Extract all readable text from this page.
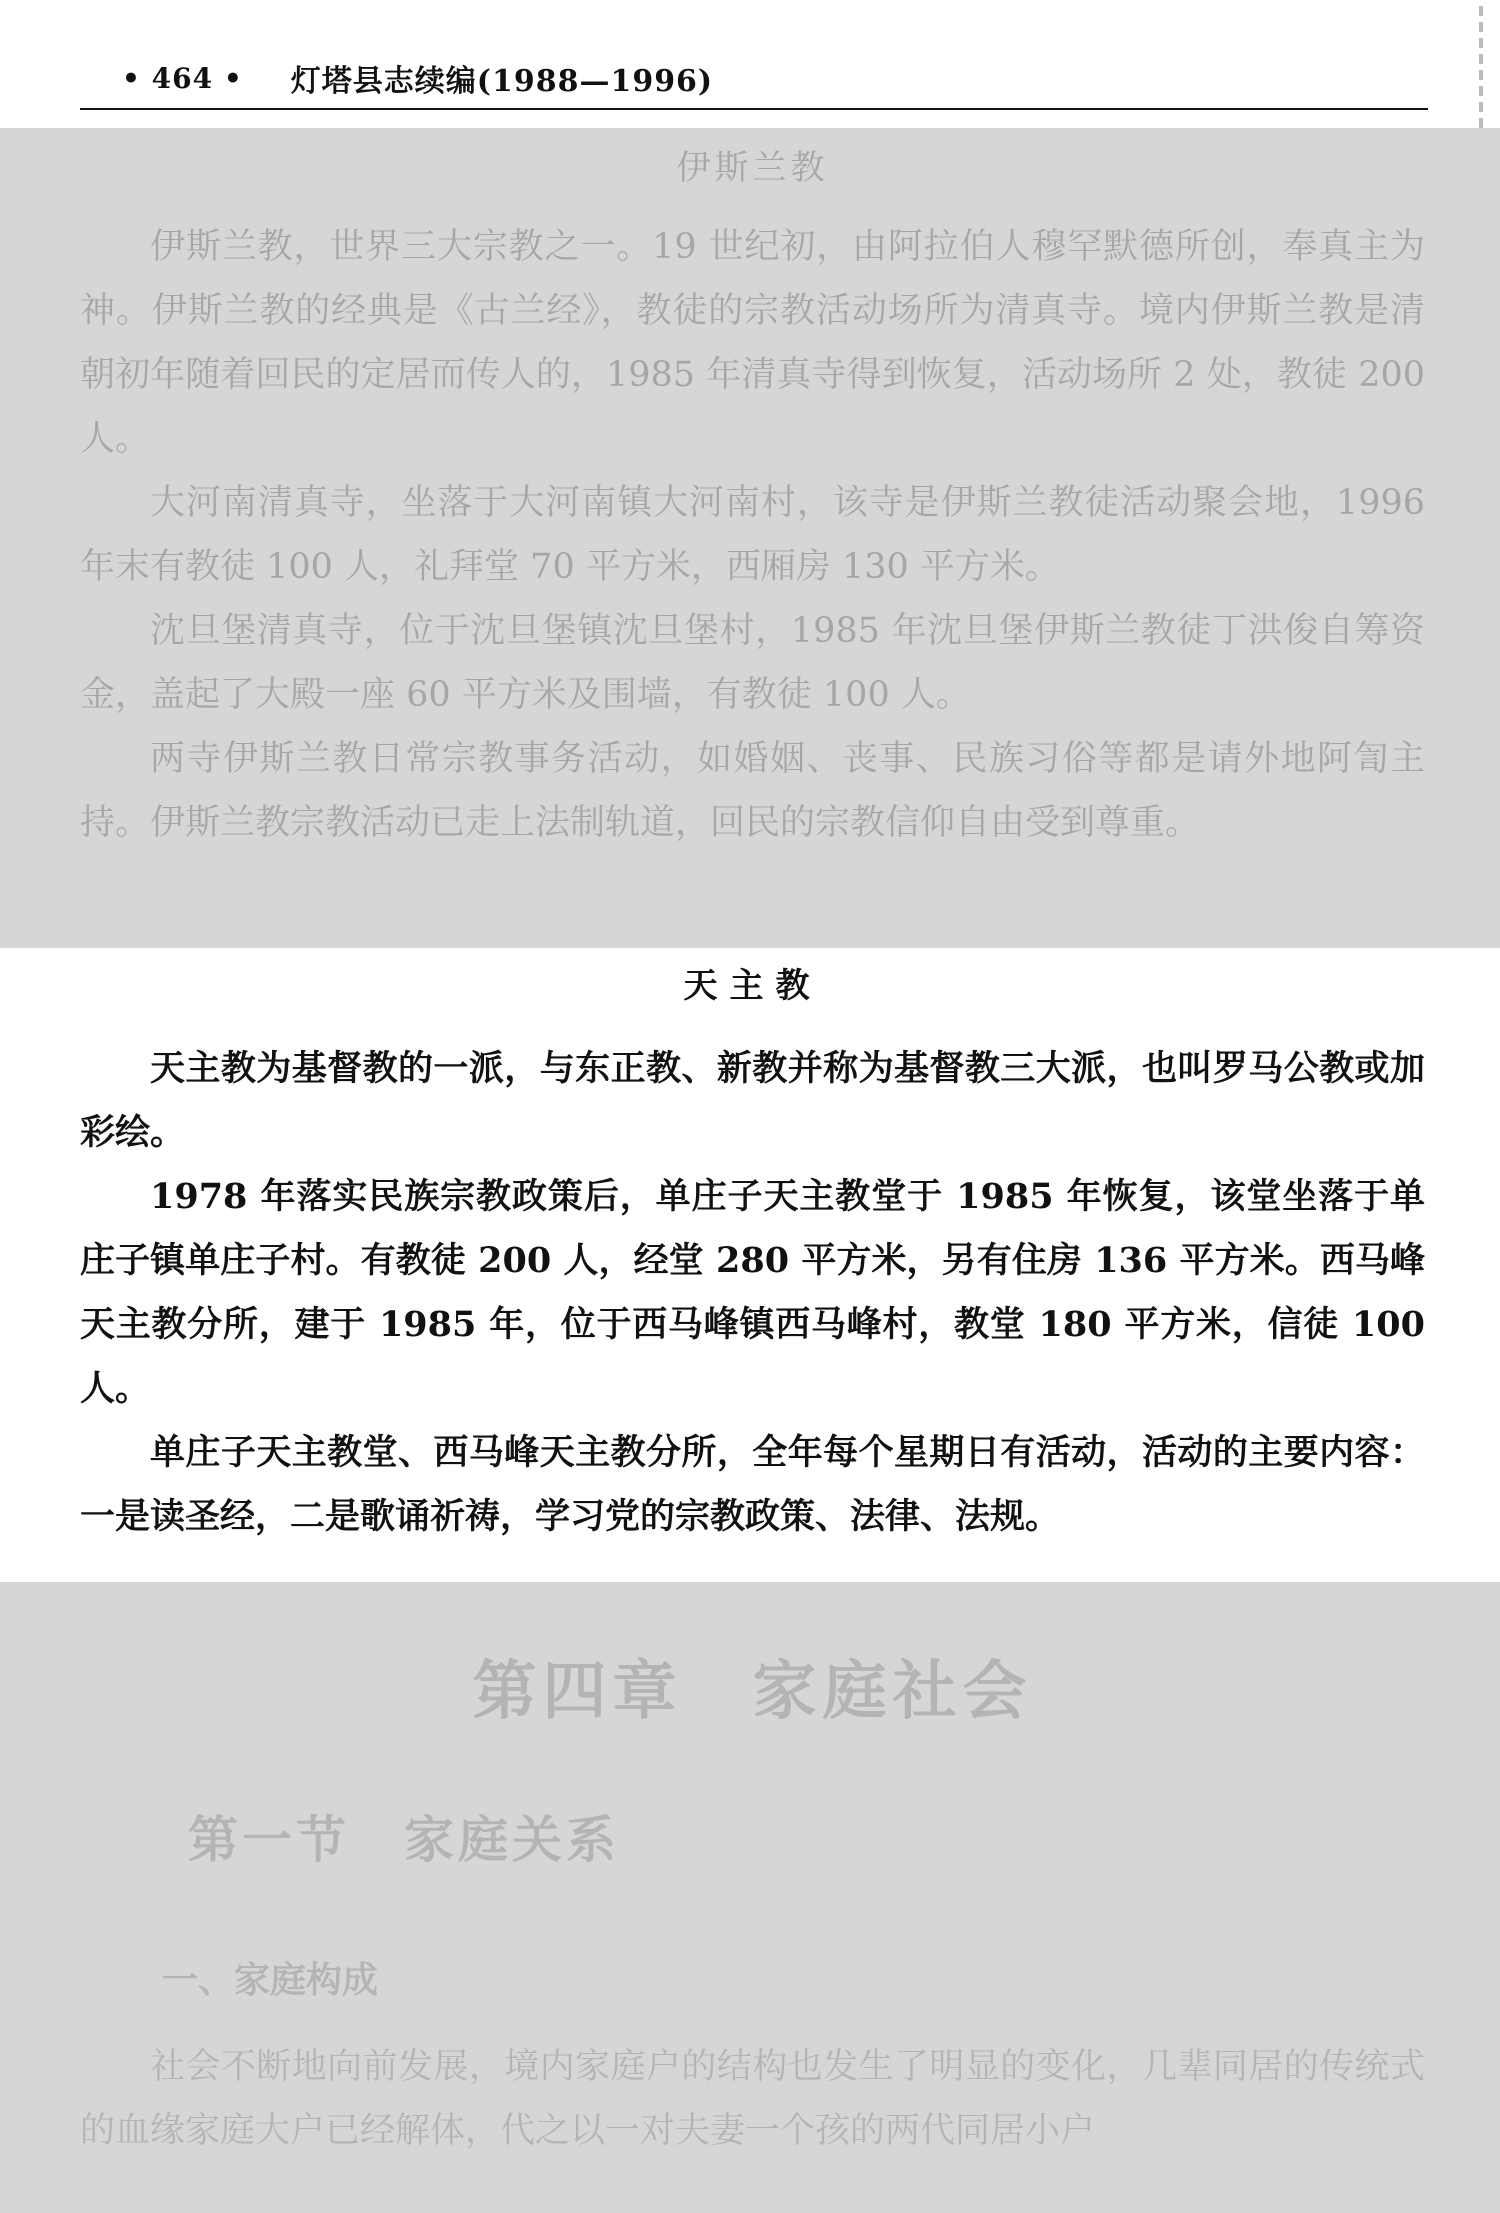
• 464 • 灯塔县志续编(1988—1996)
伊斯兰教

伊斯兰教，世界三大宗教之一。19 世纪初，由阿拉伯人穆罕默德所创，奉真主为神。伊斯兰教的经典是《古兰经》，教徒的宗教活动场所为清真寺。境内伊斯兰教是清朝初年随着回民的定居而传人的，1985 年清真寺得到恢复，活动场所 2 处，教徒 200 人。

大河南清真寺，坐落于大河南镇大河南村，该寺是伊斯兰教徒活动聚会地，1996 年末有教徒 100 人，礼拜堂 70 平方米，西厢房 130 平方米。

沈旦堡清真寺，位于沈旦堡镇沈旦堡村，1985 年沈旦堡伊斯兰教徒丁洪俊自筹资金，盖起了大殿一座 60 平方米及围墙，有教徒 100 人。

两寺伊斯兰教日常宗教事务活动，如婚姻、丧事、民族习俗等都是请外地阿訇主持。伊斯兰教宗教活动已走上法制轨道，回民的宗教信仰自由受到尊重。

天主教

天主教为基督教的一派，与东正教、新教并称为基督教三大派，也叫罗马公教或加彩绘。

1978 年落实民族宗教政策后，单庄子天主教堂于 1985 年恢复，该堂坐落于单庄子镇单庄子村。有教徒 200 人，经堂 280 平方米，另有住房 136 平方米。西马峰天主教分所，建于 1985 年，位于西马峰镇西马峰村，教堂 180 平方米，信徒 100 人。

单庄子天主教堂、西马峰天主教分所，全年每个星期日有活动，活动的主要内容：一是读圣经，二是歌诵祈祷，学习党的宗教政策、法律、法规。

第四章　家庭社会
第一节　家庭关系
一、家庭构成

社会不断地向前发展，境内家庭户的结构也发生了明显的变化，几辈同居的传统式的血缘家庭大户已经解体，代之以一对夫妻一个孩的两代同居小户
